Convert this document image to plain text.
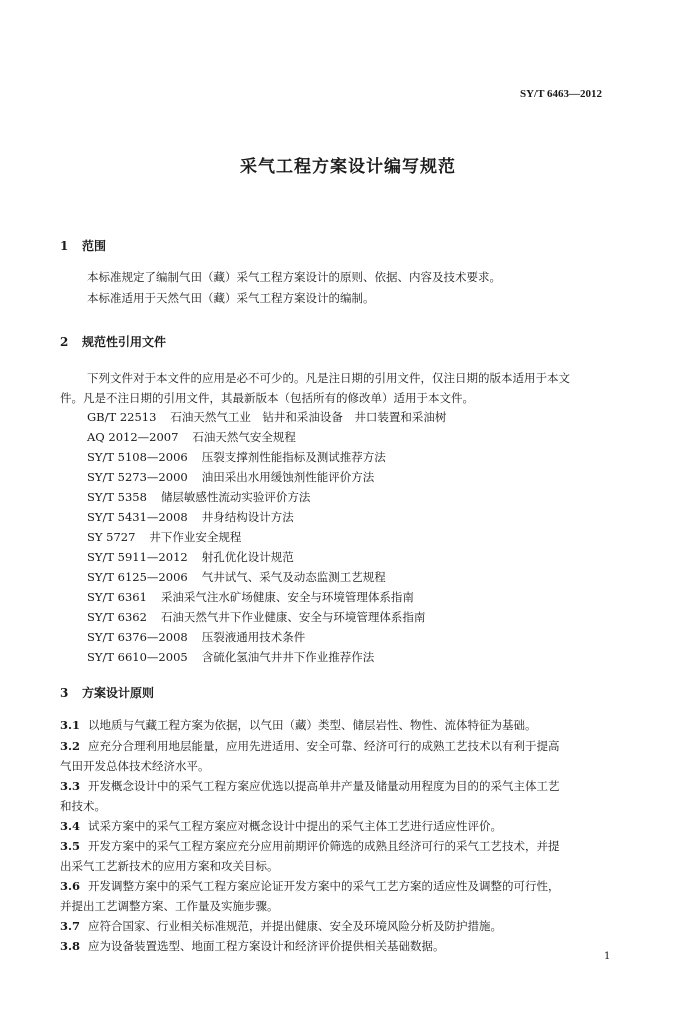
SY/T 6463—2012
采气工程方案设计编写规范
1 范围
本标准规定了编制气田（藏）采气工程方案设计的原则、依据、内容及技术要求。
本标准适用于天然气田（藏）采气工程方案设计的编制。
2 规范性引用文件
下列文件对于本文件的应用是必不可少的。凡是注日期的引用文件，仅注日期的版本适用于本文
件。凡是不注日期的引用文件，其最新版本（包括所有的修改单）适用于本文件。
GB/T 22513 石油天然气工业　钻井和采油设备　井口装置和采油树
AQ 2012—2007 石油天然气安全规程
SY/T 5108—2006 压裂支撑剂性能指标及测试推荐方法
SY/T 5273—2000 油田采出水用缓蚀剂性能评价方法
SY/T 5358 储层敏感性流动实验评价方法
SY/T 5431—2008 井身结构设计方法
SY 5727 井下作业安全规程
SY/T 5911—2012 射孔优化设计规范
SY/T 6125—2006 气井试气、采气及动态监测工艺规程
SY/T 6361 采油采气注水矿场健康、安全与环境管理体系指南
SY/T 6362 石油天然气井下作业健康、安全与环境管理体系指南
SY/T 6376—2008 压裂液通用技术条件
SY/T 6610—2005 含硫化氢油气井井下作业推荐作法
3 方案设计原则
3.1 以地质与气藏工程方案为依据，以气田（藏）类型、储层岩性、物性、流体特征为基础。
3.2 应充分合理利用地层能量，应用先进适用、安全可靠、经济可行的成熟工艺技术以有利于提高
气田开发总体技术经济水平。
3.3 开发概念设计中的采气工程方案应优选以提高单井产量及储量动用程度为目的的采气主体工艺
和技术。
3.4 试采方案中的采气工程方案应对概念设计中提出的采气主体工艺进行适应性评价。
3.5 开发方案中的采气工程方案应充分应用前期评价筛选的成熟且经济可行的采气工艺技术，并提
出采气工艺新技术的应用方案和攻关目标。
3.6 开发调整方案中的采气工程方案应论证开发方案中的采气工艺方案的适应性及调整的可行性，
并提出工艺调整方案、工作量及实施步骤。
3.7 应符合国家、行业相关标准规范，并提出健康、安全及环境风险分析及防护措施。
3.8 应为设备装置选型、地面工程方案设计和经济评价提供相关基础数据。
1
